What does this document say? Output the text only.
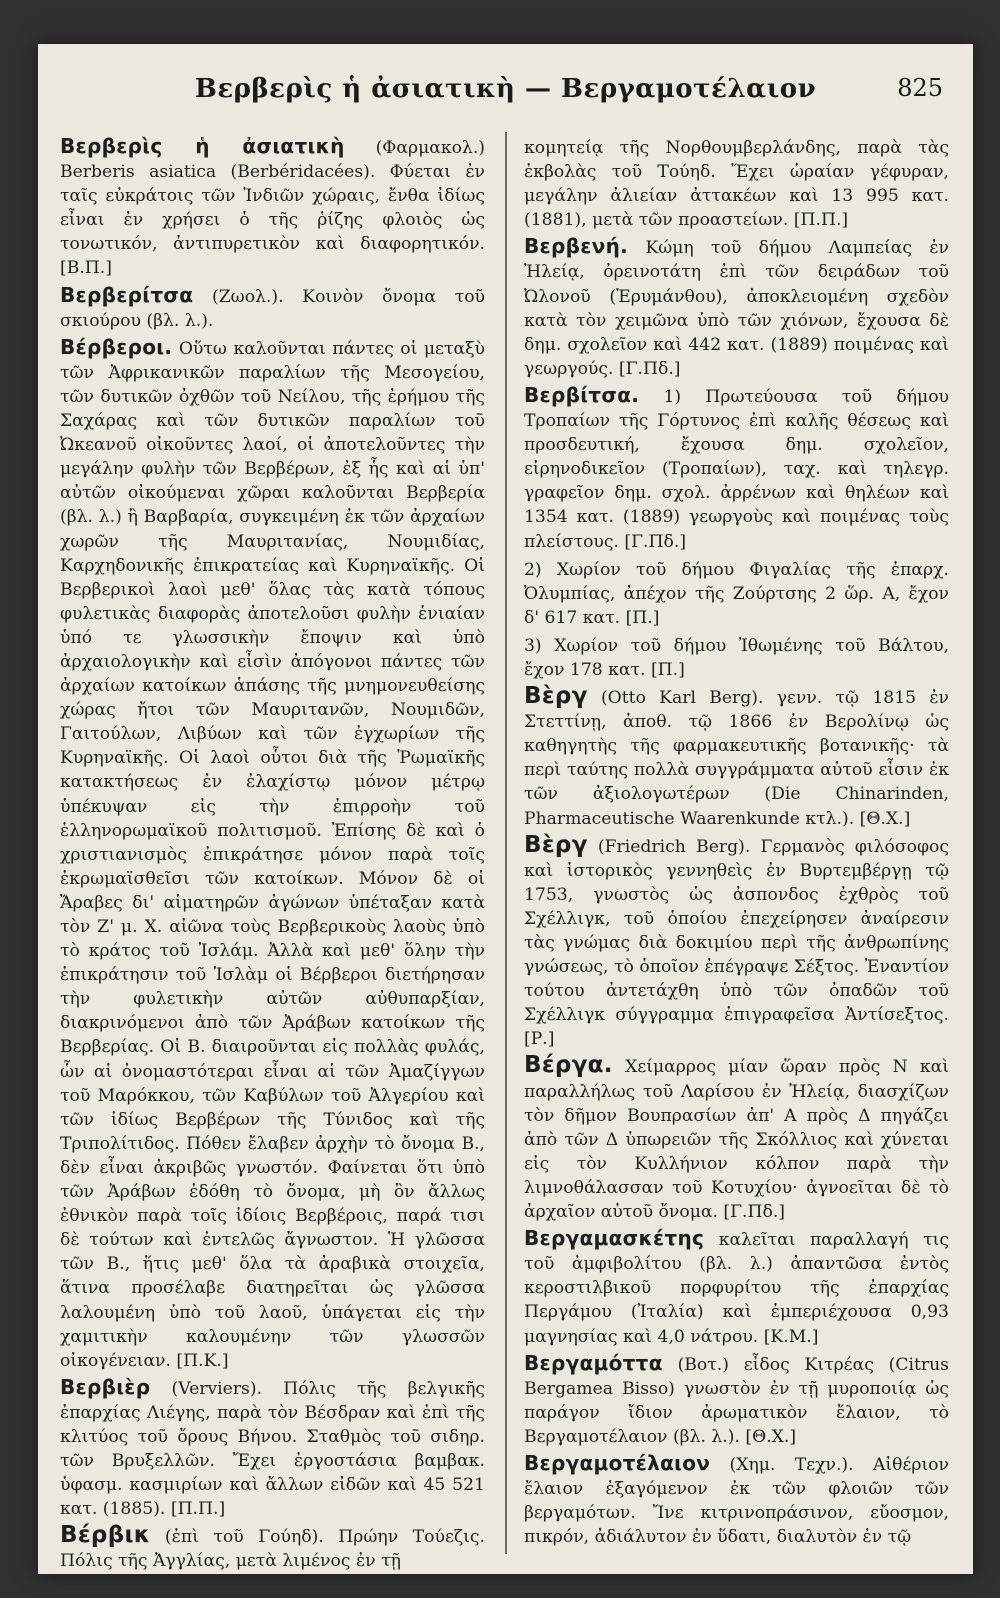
Βερβερὶς ἡ ἀσιατικὴ — Βεργαμοτέλαιον	825

Βερβερὶς ἡ ἀσιατικὴ (Φαρμακολ.) Berberis asiatica (Berbéridacées). Φύεται ἐν ταῖς εὐκράτοις τῶν Ἰνδιῶν χώραις, ἔνθα ἰδίως εἶναι ἐν χρήσει ὁ τῆς ῥίζης φλοιὸς ὡς τονωτικόν, ἀντιπυρετικὸν καὶ διαφορητικόν. [Β.Π.]

Βερβερίτσα (Ζωολ.). Κοινὸν ὄνομα τοῦ σκιούρου (βλ. λ.).

Βέρβεροι. Οὕτω καλοῦνται πάντες οἱ μεταξὺ τῶν Ἀφρικανικῶν παραλίων τῆς Μεσογείου, τῶν δυτικῶν ὀχθῶν τοῦ Νείλου, τῆς ἐρήμου τῆς Σαχάρας καὶ τῶν δυτικῶν παραλίων τοῦ Ὠκεανοῦ οἰκοῦντες λαοί, οἱ ἀποτελοῦντες τὴν μεγάλην φυλὴν τῶν Βερβέρων, ἐξ ἧς καὶ αἱ ὑπ' αὐτῶν οἰκούμεναι χῶραι καλοῦνται Βερβερία (βλ. λ.) ἢ Βαρβαρία, συγκειμένη ἐκ τῶν ἀρχαίων χωρῶν τῆς Μαυριτανίας, Νουμιδίας, Καρχηδονικῆς ἐπικρατείας καὶ Κυρηναϊκῆς. Οἱ Βερβερικοὶ λαοὶ μεθ' ὅλας τὰς κατὰ τόπους φυλετικὰς διαφορὰς ἀποτελοῦσι φυλὴν ἑνιαίαν ὑπό τε γλωσσικὴν ἔποψιν καὶ ὑπὸ ἀρχαιολογικὴν καὶ εἶσὶν ἀπόγονοι πάντες τῶν ἀρχαίων κατοίκων ἁπάσης τῆς μνημονευθείσης χώρας ἤτοι τῶν Μαυριτανῶν, Νουμιδῶν, Γαιτούλων, Λιβύων καὶ τῶν ἐγχωρίων τῆς Κυρηναϊκῆς. Οἱ λαοὶ οὗτοι διὰ τῆς Ῥωμαϊκῆς κατακτήσεως ἐν ἐλαχίστῳ μόνον μέτρῳ ὑπέκυψαν εἰς τὴν ἐπιρροὴν τοῦ ἑλληνορωμαϊκοῦ πολιτισμοῦ. Ἐπίσης δὲ καὶ ὁ χριστιανισμὸς ἐπικράτησε μόνον παρὰ τοῖς ἐκρωμαϊσθεῖσι τῶν κατοίκων. Μόνον δὲ οἱ Ἄραβες δι' αἱματηρῶν ἀγώνων ὑπέταξαν κατὰ τὸν Ζ' μ. Χ. αἰῶνα τοὺς Βερβερικοὺς λαοὺς ὑπὸ τὸ κράτος τοῦ Ἰσλάμ. Ἀλλὰ καὶ μεθ' ὅλην τὴν ἐπικράτησιν τοῦ Ἰσλὰμ οἱ Βέρβεροι διετήρησαν τὴν φυλετικὴν αὐτῶν αὐθυπαρξίαν, διακρινόμενοι ἀπὸ τῶν Ἀράβων κατοίκων τῆς Βερβερίας. Οἱ Β. διαιροῦνται εἰς πολλὰς φυλάς, ὧν αἱ ὀνομαστότεραι εἶναι αἱ τῶν Ἀμαζίγγων τοῦ Μαρόκκου, τῶν Καβύλων τοῦ Ἀλγερίου καὶ τῶν ἰδίως Βερβέρων τῆς Τύνιδος καὶ τῆς Τριπολίτιδος. Πόθεν ἔλαβεν ἀρχὴν τὸ ὄνομα Β., δὲν εἶναι ἀκριβῶς γνωστόν. Φαίνεται ὅτι ὑπὸ τῶν Ἀράβων ἐδόθη τὸ ὄνομα, μὴ ὂν ἄλλως ἐθνικὸν παρὰ τοῖς ἰδίοις Βερβέροις, παρά τισι δὲ τούτων καὶ ἐντελῶς ἄγνωστον. Ἡ γλῶσσα τῶν Β., ἥτις μεθ' ὅλα τὰ ἀραβικὰ στοιχεῖα, ἅτινα προσέλαβε διατηρεῖται ὡς γλῶσσα λαλουμένη ὑπὸ τοῦ λαοῦ, ὑπάγεται εἰς τὴν χαμιτικὴν καλουμένην τῶν γλωσσῶν οἰκογένειαν. [Π.Κ.]

Βερβιὲρ (Verviers). Πόλις τῆς βελγικῆς ἐπαρχίας Λιέγης, παρὰ τὸν Βέσδραν καὶ ἐπὶ τῆς κλιτύος τοῦ ὄρους Βήνου. Σταθμὸς τοῦ σιδηρ. τῶν Βρυξελλῶν. Ἔχει ἐργοστάσια βαμβακ. ὑφασμ. κασμιρίων καὶ ἄλλων εἰδῶν καὶ 45 521 κατ. (1885). [Π.Π.]

Βέρβικ (ἐπὶ τοῦ Γούηδ). Πρώην Τούεζις. Πόλις τῆς Ἀγγλίας, μετὰ λιμένος ἐν τῇ

κομητείᾳ τῆς Νορθουμβερλάνδης, παρὰ τὰς ἐκβολὰς τοῦ Τούηδ. Ἔχει ὡραίαν γέφυραν, μεγάλην ἀλιείαν ἀττακέων καὶ 13 995 κατ. (1881), μετὰ τῶν προαστείων. [Π.Π.]

Βερβενή. Κώμη τοῦ δήμου Λαμπείας ἐν Ἠλείᾳ, ὀρεινοτάτη ἐπὶ τῶν δειράδων τοῦ Ὠλονοῦ (Ἐρυμάνθου), ἀποκλειομένη σχεδὸν κατὰ τὸν χειμῶνα ὑπὸ τῶν χιόνων, ἔχουσα δὲ δημ. σχολεῖον καὶ 442 κατ. (1889) ποιμένας καὶ γεωργούς. [Γ.Πδ.]

Βερβίτσα. 1) Πρωτεύουσα τοῦ δήμου Τροπαίων τῆς Γόρτυνος ἐπὶ καλῆς θέσεως καὶ προσδευτική, ἔχουσα δημ. σχολεῖον, εἰρηνοδικεῖον (Τροπαίων), ταχ. καὶ τηλεγρ. γραφεῖον δημ. σχολ. ἀρρένων καὶ θηλέων καὶ 1354 κατ. (1889) γεωργοὺς καὶ ποιμένας τοὺς πλείστους. [Γ.Πδ.]

2) Χωρίον τοῦ δήμου Φιγαλίας τῆς ἐπαρχ. Ὀλυμπίας, ἀπέχον τῆς Ζούρτσης 2 ὥρ. Α, ἔχον δ' 617 κατ. [Π.]

3) Χωρίον τοῦ δήμου Ἰθωμένης τοῦ Βάλτου, ἔχον 178 κατ. [Π.]

Βὲργ (Otto Karl Berg). γενν. τῷ 1815 ἐν Στεττίνῃ, ἀποθ. τῷ 1866 ἐν Βερολίνῳ ὡς καθηγητὴς τῆς φαρμακευτικῆς βοτανικῆς· τὰ περὶ ταύτης πολλὰ συγγράμματα αὐτοῦ εἶσιν ἐκ τῶν ἀξιολογωτέρων (Die Chinarinden, Pharmaceutische Waarenkunde κτλ.). [Θ.Χ.]

Βὲργ (Friedrich Berg). Γερμανὸς φιλόσοφος καὶ ἱστορικὸς γεννηθεὶς ἐν Βυρτεμβέργῃ τῷ 1753, γνωστὸς ὡς ἀσπονδος ἐχθρὸς τοῦ Σχέλλιγκ, τοῦ ὁποίου ἐπεχείρησεν ἀναίρεσιν τὰς γνώμας διὰ δοκιμίου περὶ τῆς ἀνθρωπίνης γνώσεως, τὸ ὁποῖον ἐπέγραψε Σέξτος. Ἐναντίον τούτου ἀντετάχθη ὑπὸ τῶν ὀπαδῶν τοῦ Σχέλλιγκ σύγγραμμα ἐπιγραφεῖσα Ἀντίσεξτος. [Ρ.]

Βέργα. Χείμαρρος μίαν ὥραν πρὸς Ν καὶ παραλλήλως τοῦ Λαρίσου ἐν Ἠλείᾳ, διασχίζων τὸν δῆμον Βουπρασίων ἀπ' Α πρὸς Δ πηγάζει ἀπὸ τῶν Δ ὑπωρειῶν τῆς Σκόλλιος καὶ χύνεται εἰς τὸν Κυλλήνιον κόλπον παρὰ τὴν λιμνοθάλασσαν τοῦ Κοτυχίου· ἀγνοεῖται δὲ τὸ ἀρχαῖον αὐτοῦ ὄνομα. [Γ.Πδ.]

Βεργαμασκέτης καλεῖται παραλλαγή τις τοῦ ἀμφιβολίτου (βλ. λ.) ἀπαντῶσα ἐντὸς κεροστιλβικοῦ πορφυρίτου τῆς ἐπαρχίας Περγάμου (Ἰταλία) καὶ ἐμπεριέχουσα 0,93 μαγνησίας καὶ 4,0 νάτρου. [Κ.Μ.]

Βεργαμόττα (Βοτ.) εἶδος Κιτρέας (Citrus Bergamea Bisso) γνωστὸν ἐν τῇ μυροποιίᾳ ὡς παράγον ἴδιον ἀρωματικὸν ἔλαιον, τὸ Βεργαμοτέλαιον (βλ. λ.). [Θ.Χ.]

Βεργαμοτέλαιον (Χημ. Τεχν.). Αἰθέριον ἔλαιον ἐξαγόμενον ἐκ τῶν φλοιῶν τῶν βεργαμότων. Ἴνε κιτρινοπράσινον, εὔοσμον, πικρόν, ἀδιάλυτον ἐν ὕδατι, διαλυτὸν ἐν τῷ
